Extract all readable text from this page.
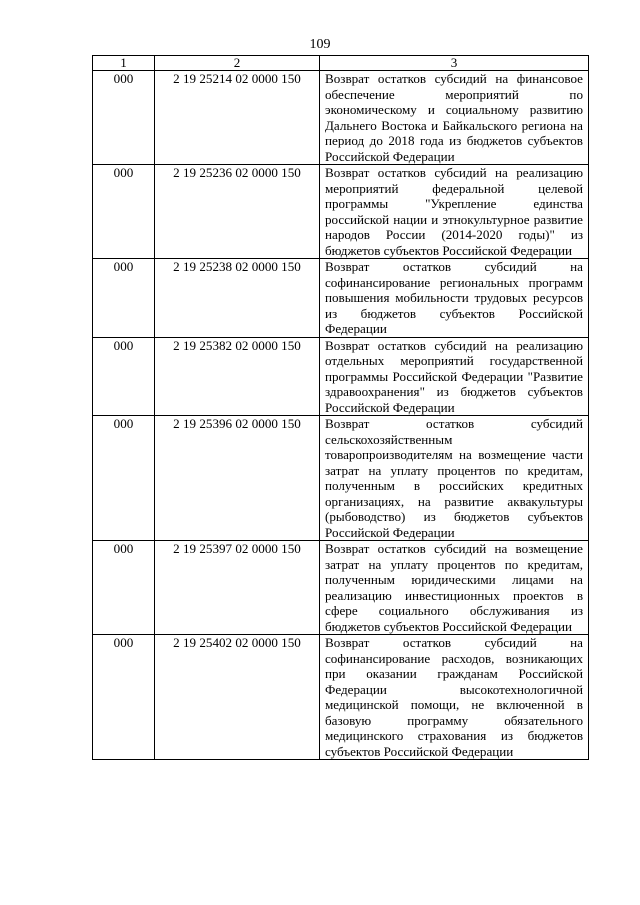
109
1	2	3
000	2 19 25214 02 0000 150	Возврат остатков субсидий на финансовое обеспечение мероприятий по экономическому и социальному развитию Дальнего Востока и Байкальского региона на период до 2018 года из бюджетов субъектов Российской Федерации
000	2 19 25236 02 0000 150	Возврат остатков субсидий на реализацию мероприятий федеральной целевой программы "Укрепление единства российской нации и этнокультурное развитие народов России (2014-2020 годы)" из бюджетов субъектов Российской Федерации
000	2 19 25238 02 0000 150	Возврат остатков субсидий на софинансирование региональных программ повышения мобильности трудовых ресурсов из бюджетов субъектов Российской Федерации
000	2 19 25382 02 0000 150	Возврат остатков субсидий на реализацию отдельных мероприятий государственной программы Российской Федерации "Развитие здравоохранения" из бюджетов субъектов Российской Федерации
000	2 19 25396 02 0000 150	Возврат остатков субсидий сельскохозяйственным товаропроизводителям на возмещение части затрат на уплату процентов по кредитам, полученным в российских кредитных организациях, на развитие аквакультуры (рыбоводство) из бюджетов субъектов Российской Федерации
000	2 19 25397 02 0000 150	Возврат остатков субсидий на возмещение затрат на уплату процентов по кредитам, полученным юридическими лицами на реализацию инвестиционных проектов в сфере социального обслуживания из бюджетов субъектов Российской Федерации
000	2 19 25402 02 0000 150	Возврат остатков субсидий на софинансирование расходов, возникающих при оказании гражданам Российской Федерации высокотехнологичной медицинской помощи, не включенной в базовую программу обязательного медицинского страхования из бюджетов субъектов Российской Федерации
